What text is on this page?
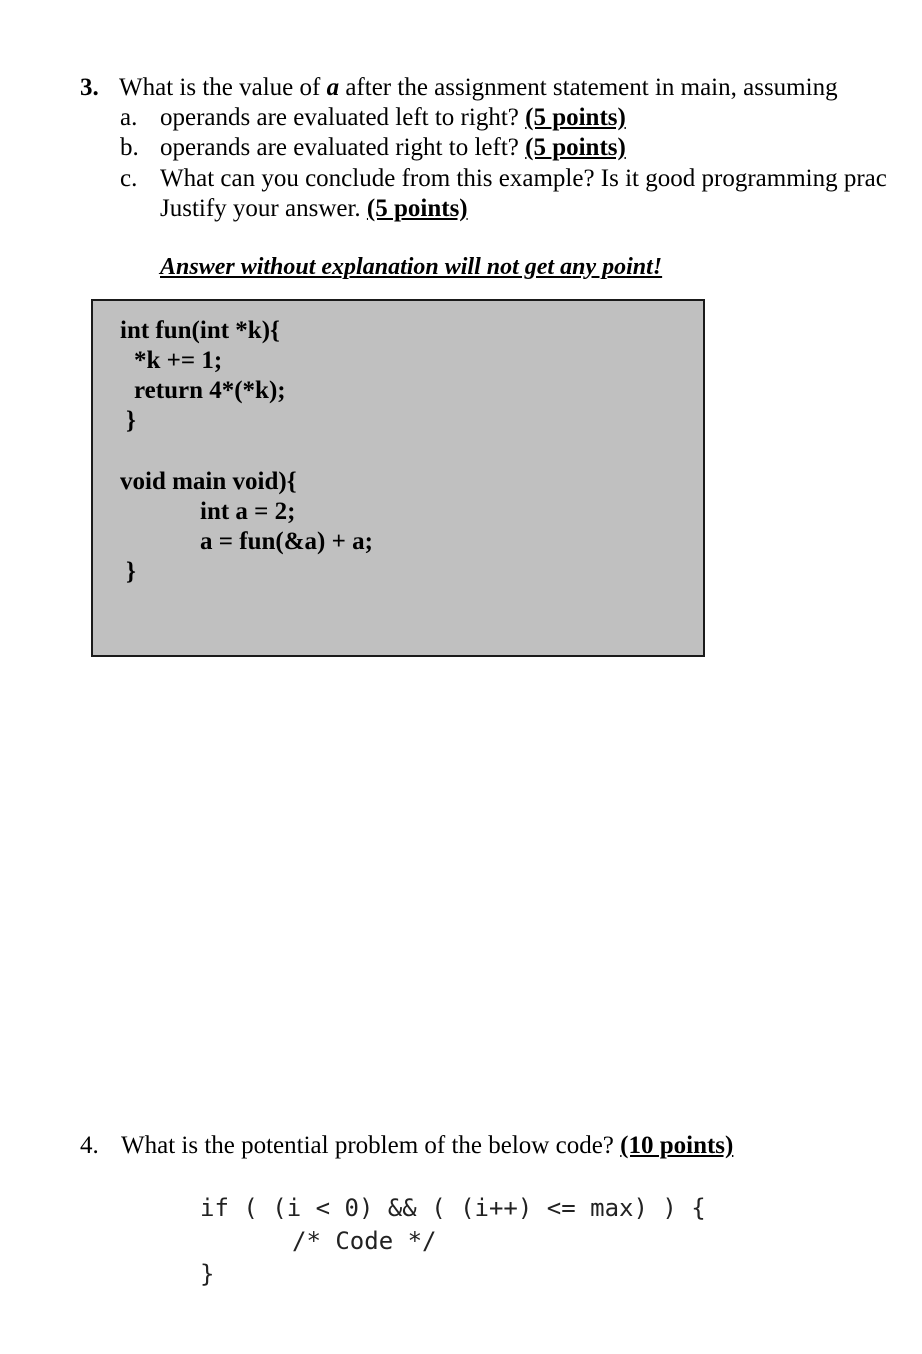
3. What is the value of a after the assignment statement in main, assuming
a. operands are evaluated left to right? (5 points)
b. operands are evaluated right to left? (5 points)
c. What can you conclude from this example? Is it good programming prac
Justify your answer. (5 points)
Answer without explanation will not get any point!
int fun(int *k){
*k += 1;
return 4*(*k);
}
void main void){
int a = 2;
a = fun(&a) + a;
}
4. What is the potential problem of the below code? (10 points)
if ( (i < 0) && ( (i++) <= max) ) {
/* Code */
}
